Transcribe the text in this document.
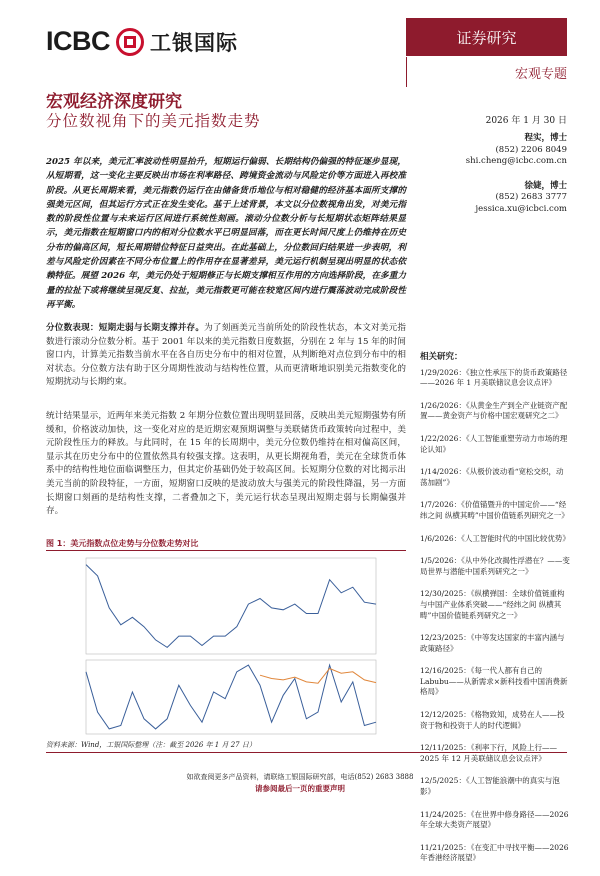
ICBC 工银国际	证券研究
宏观专题
宏观经济深度研究
分位数视角下的美元指数走势	2026 年 1 月 30 日
程实，博士
(852) 2206 8049
shi.cheng@icbc.com.cn
徐婕，博士
(852) 2683 3777
jessica.xu@icbci.com
2025 年以来，美元汇率波动性明显抬升，短期运行偏弱、长期结构仍偏强的特征逐步显现，从短期看，这一变化主要反映出市场在利率路径、跨境资金流动与风险定价等方面进入再校准阶段。从更长周期来看，美元指数仍运行在由储备货币地位与相对稳健的经济基本面所支撑的强美元区间，但其运行方式正在发生变化。基于上述背景，本文以分位数视角出发，对美元指数的阶段性位置与未来运行区间进行系统性刻画。滚动分位数分析与长短期状态矩阵结果显示，美元指数在短期窗口内的相对分位数水平已明显回落，而在更长时间尺度上仍维持在历史分布的偏高区间，短长周期错位特征日益突出。在此基础上，分位数回归结果进一步表明，利差与风险定价因素在不同分布位置上的作用存在显著差异，美元运行机制呈现出明显的状态依赖特征。展望 2026 年，美元仍处于短期修正与长期支撑相互作用的方向选择阶段，在多重力量的拉扯下或将继续呈现反复、拉扯，美元指数更可能在较宽区间内进行震荡波动完成阶段性再平衡。
分位数表现：短期走弱与长期支撑并存。为了刻画美元当前所处的阶段性状态，本文对美元指数进行滚动分位数分析。基于 2001 年以来的美元指数日度数据，分别在 2 年与 15 年的时间窗口内，计算美元指数当前水平在各自历史分布中的相对位置，从判断绝对点位到分布中的相对状态。分位数方法有助于区分周期性波动与结构性位置，从而更清晰地识别美元指数变化的短期扰动与长期约束。
统计结果显示，近两年来美元指数 2 年期分位数位置出现明显回落，反映出美元短期强势有所缓和，价格波动加快，这一变化对应的是近期宏观预期调整与美联储货币政策转向过程中，美元阶段性压力的释放。与此同时，在 15 年的长周期中，美元分位数仍维持在相对偏高区间，显示其在历史分布中的位置依然具有较强支撑。这表明，从更长期视角看，美元在全球货币体系中的结构性地位面临调整压力，但其定价基础仍处于较高区间。长短期分位数的对比揭示出美元当前的阶段特征，一方面，短期窗口反映的是波动放大与强美元的阶段性降温，另一方面长期窗口刻画的是结构性支撑，二者叠加之下，美元运行状态呈现出短期走弱与长期偏强并存。
相关研究：
1/29/2026：《独立性承压下的货币政策路径——2026 年 1 月美联储议息会议点评》
1/26/2026：《从黄金生产到全产业链资产配置——黄金资产与价格中国宏观研究之二》
1/22/2026：《人工智能重塑劳动力市场的理论认知》
1/14/2026：《从极价波动看“宽松交织，动荡加剧”》
1/7/2026：《价值锚暨升的中国定价——“经纬之间 纵横其畴”中国价值链系列研究之一》
1/6/2026：《人工智能时代的中国比较优势》
1/5/2026：《从中外化改揭性浮潜在？——变局世界与潜能中国系列研究之一》
12/30/2025：《纵横弹国：全球价值链重构与中国产业体系突破——“经纬之间 纵横其畴”中国价值链系列研究之一》
12/23/2025：《中等发达国家的丰富内涵与政策路径》
12/16/2025：《每一代人都有自己的 Labubu——从新需求×新科技看中国消费新格局》
12/12/2025：《格物致知，成势在人——投资于物和投资于人的时代逻辑》
12/11/2025：《利率下行，风险上行——2025 年 12 月美联储议息会议点评》
12/5/2025：《人工智能浪潮中的真实与泡影》
11/24/2025：《在世界中修身路径——2026 年全球大类资产展望》
11/21/2025：《在变汇中寻找平衡——2026 年香港经济展望》
图 1：美元指数点位走势与分位数走势对比
资料来源：Wind，工银国际整理（注：截至 2026 年 1 月 27 日）
如欲查阅更多产品资料，请联络工银国际研究部，电话(852) 2683 3888
请参阅最后一页的重要声明
